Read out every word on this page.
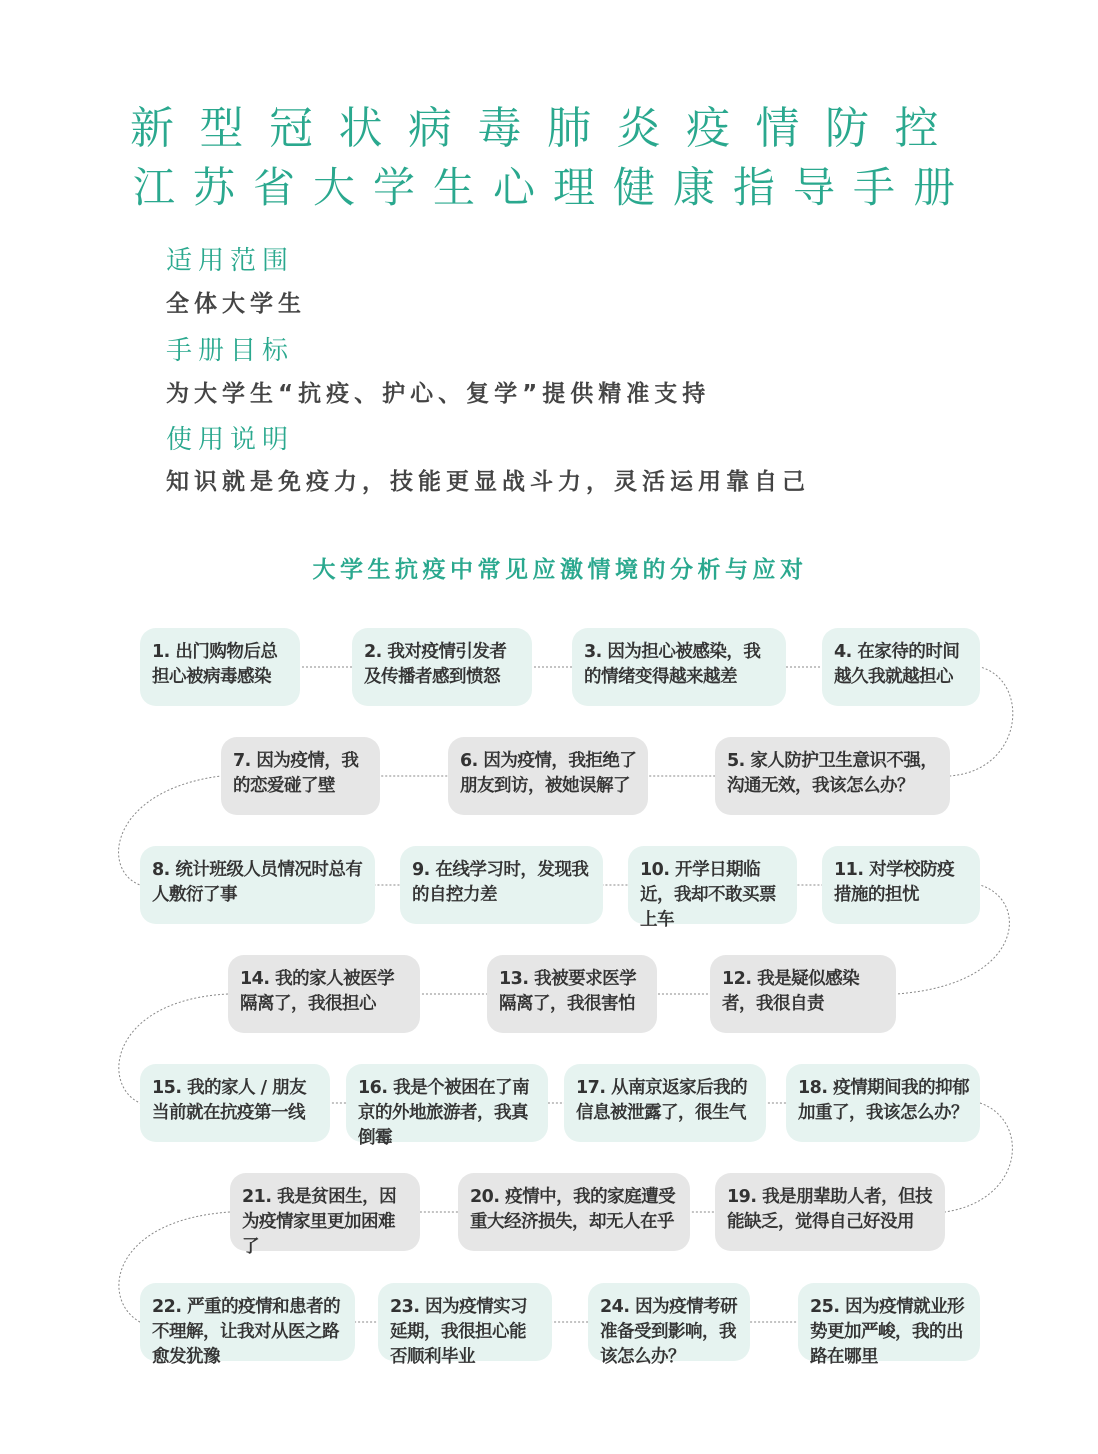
新型冠状病毒肺炎疫情防控
江苏省大学生心理健康指导手册
适用范围
全体大学生
手册目标
为大学生“抗疫、护心、复学”提供精准支持
使用说明
知识就是免疫力，技能更显战斗力，灵活运用靠自己
大学生抗疫中常见应激情境的分析与应对
1. 出门购物后总担心被病毒感染
2. 我对疫情引发者及传播者感到愤怒
3. 因为担心被感染，我的情绪变得越来越差
4. 在家待的时间越久我就越担心
5. 家人防护卫生意识不强，沟通无效，我该怎么办？
6. 因为疫情，我拒绝了朋友到访，被她误解了
7. 因为疫情，我的恋爱碰了壁
8. 统计班级人员情况时总有人敷衍了事
9. 在线学习时，发现我的自控力差
10. 开学日期临近，我却不敢买票上车
11. 对学校防疫措施的担忧
12. 我是疑似感染者，我很自责
13. 我被要求医学隔离了，我很害怕
14. 我的家人被医学隔离了，我很担心
15. 我的家人 / 朋友当前就在抗疫第一线
16. 我是个被困在了南京的外地旅游者，我真倒霉
17. 从南京返家后我的信息被泄露了，很生气
18. 疫情期间我的抑郁加重了，我该怎么办？
19. 我是朋辈助人者，但技能缺乏，觉得自己好没用
20. 疫情中，我的家庭遭受重大经济损失，却无人在乎
21. 我是贫困生，因为疫情家里更加困难了
22. 严重的疫情和患者的不理解，让我对从医之路愈发犹豫
23. 因为疫情实习延期，我很担心能否顺利毕业
24. 因为疫情考研准备受到影响，我该怎么办？
25. 因为疫情就业形势更加严峻，我的出路在哪里
